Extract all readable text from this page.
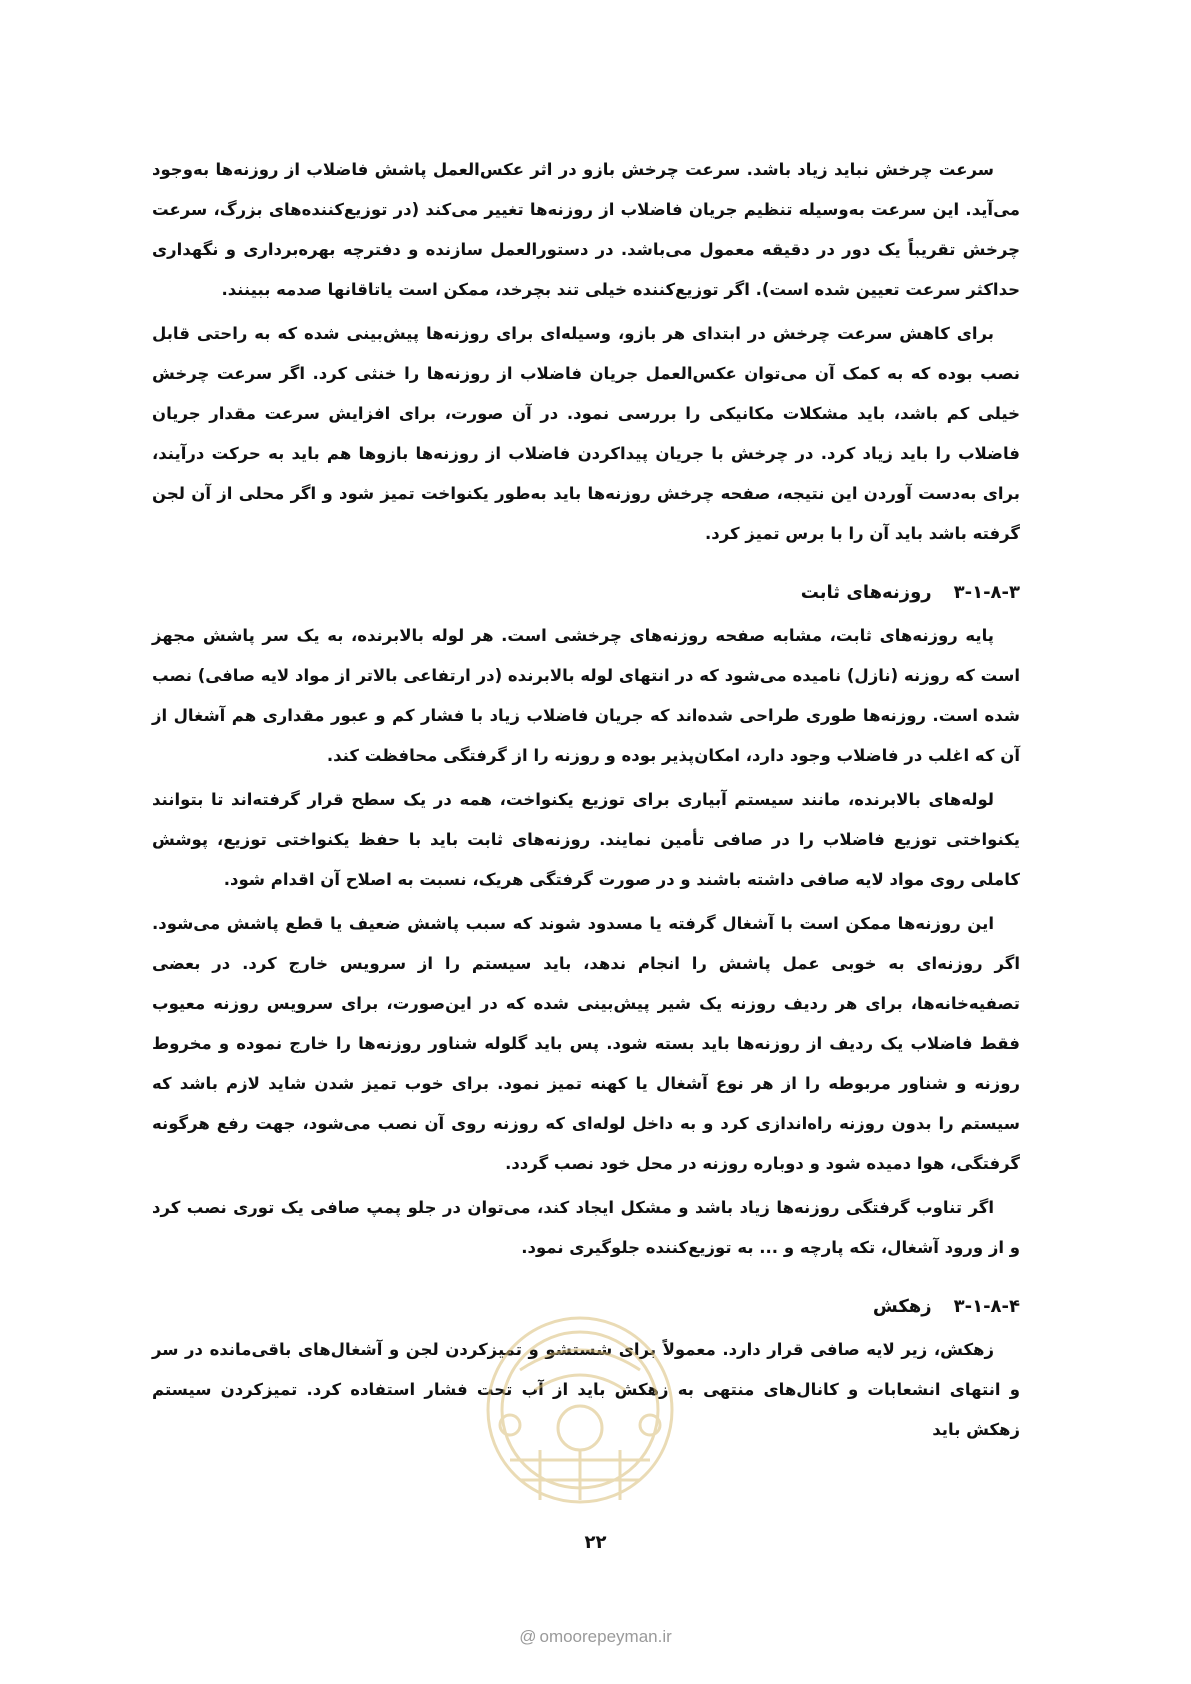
سرعت چرخش نباید زیاد باشد. سرعت چرخش بازو در اثر عکس‌العمل پاشش فاضلاب از روزنه‌ها به‌وجود می‌آید. این سرعت به‌وسیله تنظیم جریان فاضلاب از روزنه‌ها تغییر می‌کند (در توزیع‌کننده‌های بزرگ، سرعت چرخش تقریباً یک دور در دقیقه معمول می‌باشد. در دستورالعمل سازنده و دفترچه بهره‌برداری و نگهداری حداکثر سرعت تعیین شده است). اگر توزیع‌کننده خیلی تند بچرخد، ممکن است یاتاقانها صدمه ببینند.

برای کاهش سرعت چرخش در ابتدای هر بازو، وسیله‌ای برای روزنه‌ها پیش‌بینی شده که به راحتی قابل نصب بوده که به کمک آن می‌توان عکس‌العمل جریان فاضلاب از روزنه‌ها را خنثی کرد. اگر سرعت چرخش خیلی کم باشد، باید مشکلات مکانیکی را بررسی نمود. در آن صورت، برای افزایش سرعت مقدار جریان فاضلاب را باید زیاد کرد. در چرخش با جریان پیداکردن فاضلاب از روزنه‌ها بازوها هم باید به حرکت درآیند، برای به‌دست آوردن این نتیجه، صفحه چرخش روزنه‌ها باید به‌طور یکنواخت تمیز شود و اگر محلی از آن لجن گرفته باشد باید آن را با برس تمیز کرد.

۳-۱-۸-۳روزنه‌های ثابت

پایه روزنه‌های ثابت، مشابه صفحه روزنه‌های چرخشی است. هر لوله بالابرنده، به یک سر پاشش مجهز است که روزنه (نازل) نامیده می‌شود که در انتهای لوله بالابرنده (در ارتفاعی بالاتر از مواد لایه صافی) نصب شده است. روزنه‌ها طوری طراحی شده‌اند که جریان فاضلاب زیاد با فشار کم و عبور مقداری هم آشغال از آن که اغلب در فاضلاب وجود دارد، امکان‌پذیر بوده و روزنه را از گرفتگی محافظت کند.

لوله‌های بالابرنده، مانند سیستم آبیاری برای توزیع یکنواخت، همه در یک سطح قرار گرفته‌اند تا بتوانند یکنواختی توزیع فاضلاب را در صافی تأمین نمایند. روزنه‌های ثابت باید با حفظ یکنواختی توزیع، پوشش کاملی روی مواد لایه صافی داشته باشند و در صورت گرفتگی هریک، نسبت به اصلاح آن اقدام شود.

این روزنه‌ها ممکن است با آشغال گرفته یا مسدود شوند که سبب پاشش ضعیف یا قطع پاشش می‌شود. اگر روزنه‌ای به خوبی عمل پاشش را انجام ندهد، باید سیستم را از سرویس خارج کرد. در بعضی تصفیه‌خانه‌ها، برای هر ردیف روزنه یک شیر پیش‌بینی شده که در این‌صورت، برای سرویس روزنه معیوب فقط فاضلاب یک ردیف از روزنه‌ها باید بسته شود. پس باید گلوله شناور روزنه‌ها را خارج نموده و مخروط روزنه و شناور مربوطه را از هر نوع آشغال یا کهنه تمیز نمود. برای خوب تمیز شدن شاید لازم باشد که سیستم را بدون روزنه راه‌اندازی کرد و به داخل لوله‌ای که روزنه روی آن نصب می‌شود، جهت رفع هرگونه گرفتگی، هوا دمیده شود و دوباره روزنه در محل خود نصب گردد.

اگر تناوب گرفتگی روزنه‌ها زیاد باشد و مشکل ایجاد کند، می‌توان در جلو پمپ صافی یک توری نصب کرد و از ورود آشغال، تکه پارچه و ... به توزیع‌کننده جلوگیری نمود.

۳-۱-۸-۴زهکش

زهکش، زیر لایه صافی قرار دارد. معمولاً برای شستشو و تمیزکردن لجن و آشغال‌های باقی‌مانده در سر و انتهای انشعابات و کانال‌های منتهی به زهکش باید از آب تحت فشار استفاده کرد. تمیزکردن سیستم زهکش باید

۲۲
@ omoorepeyman.ir
